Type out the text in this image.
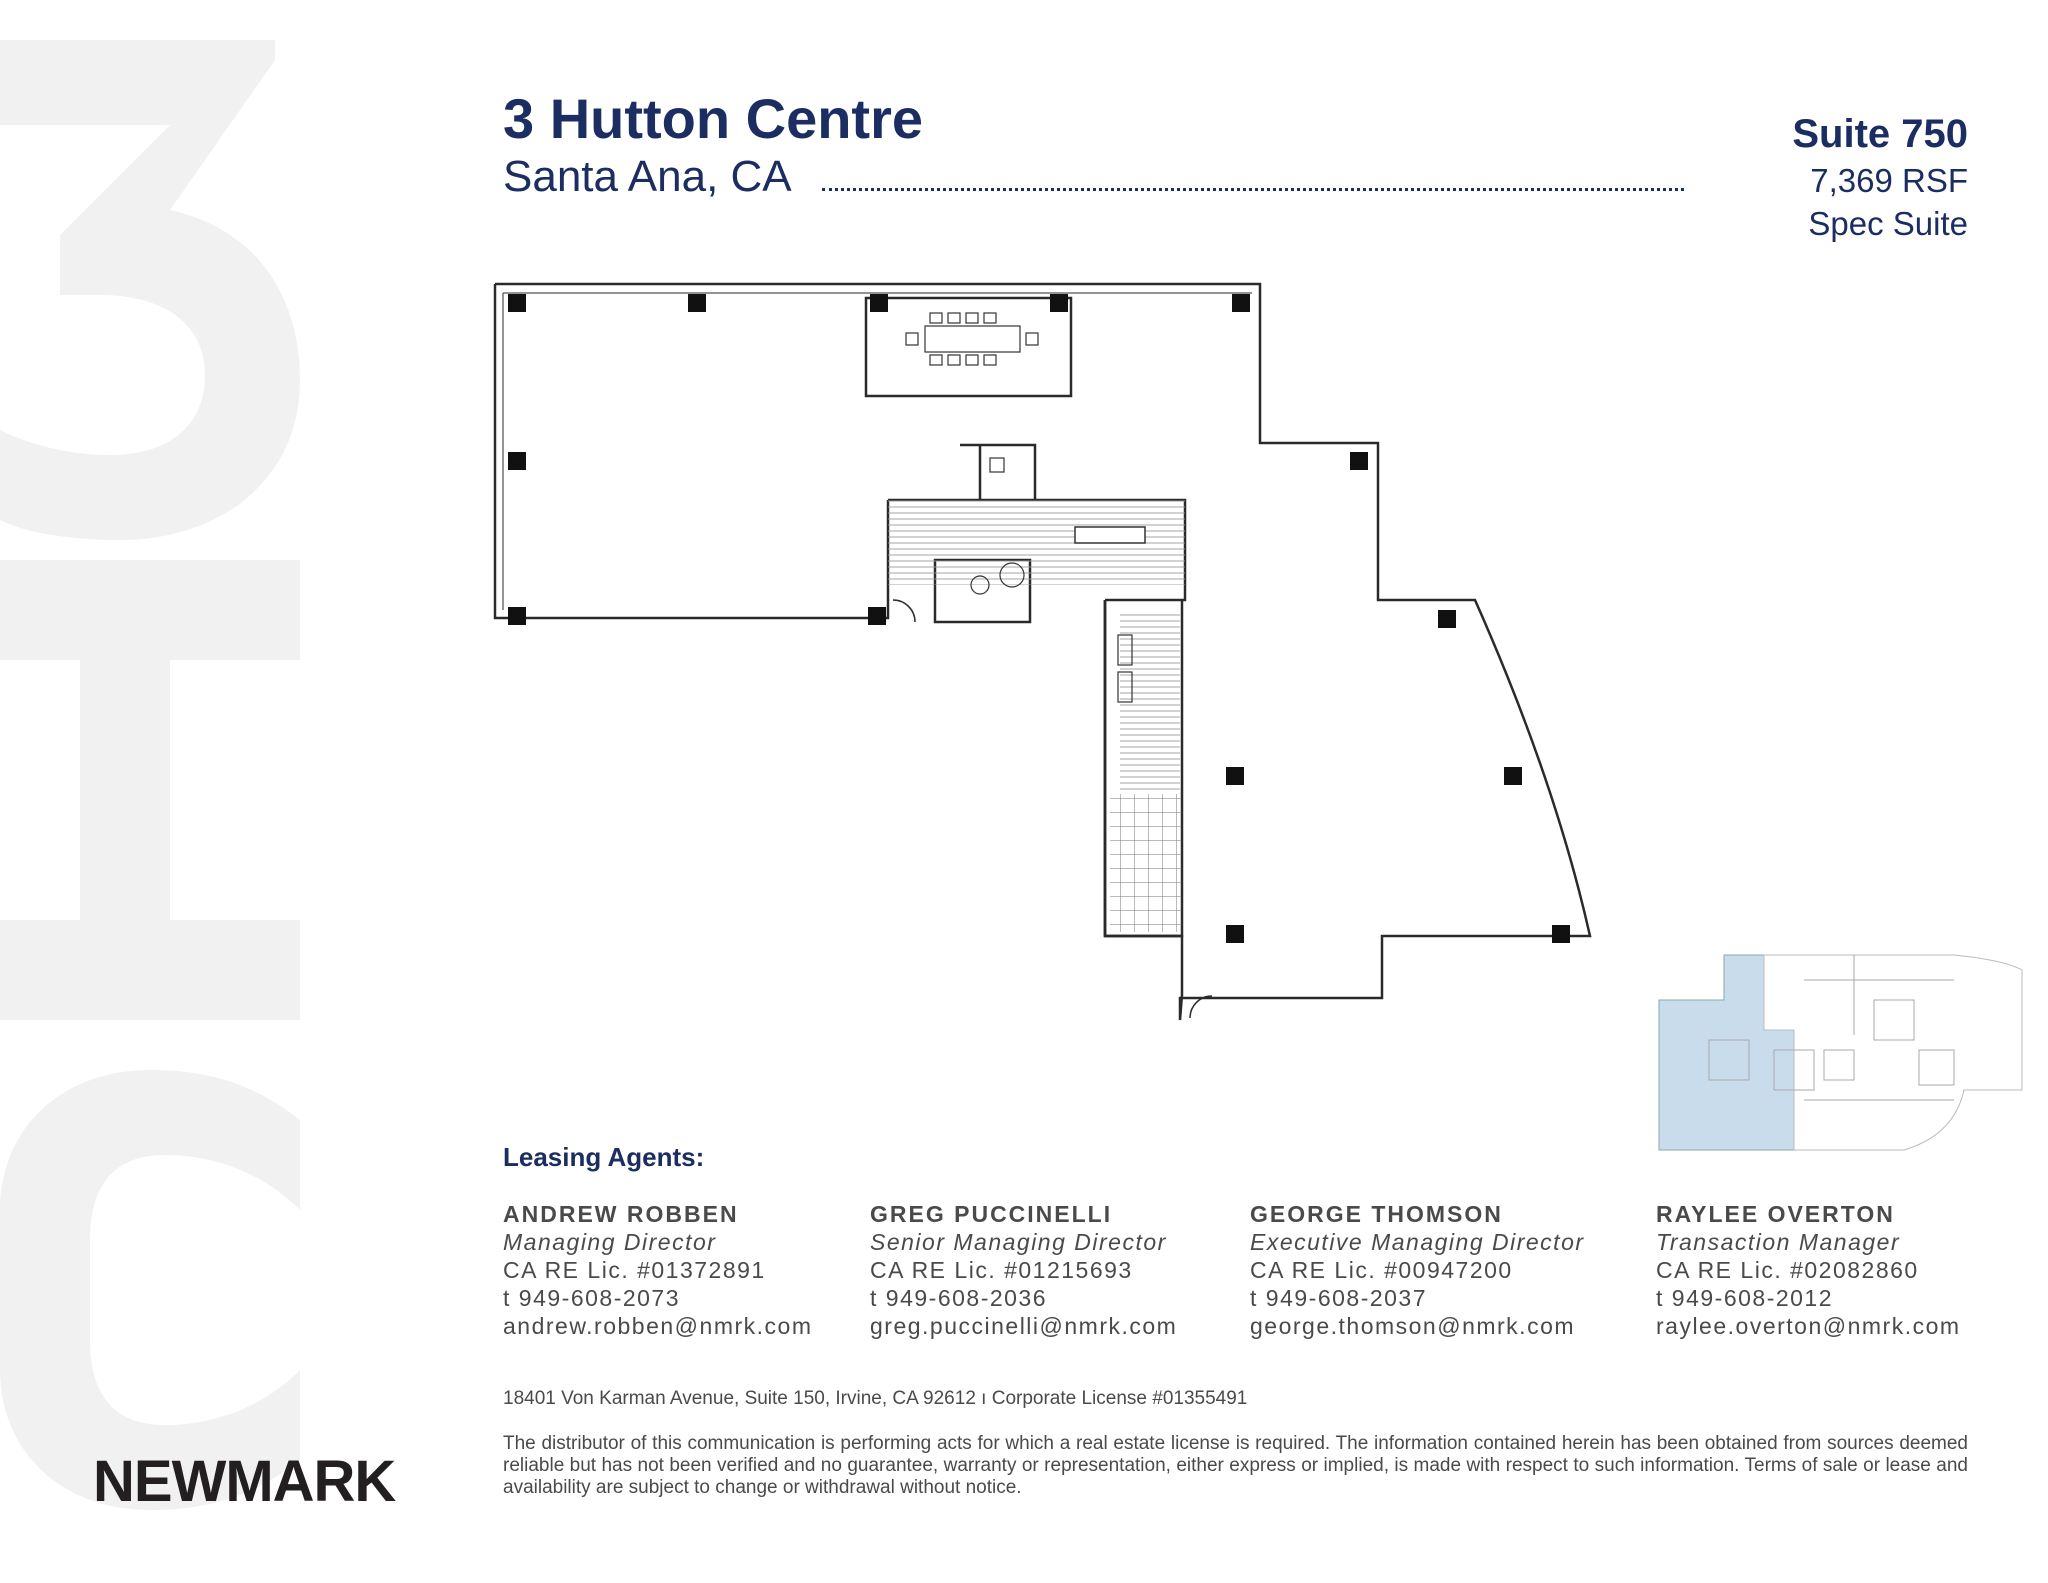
3 Hutton Centre
Santa Ana, CA
Suite 750
7,369 RSF
Spec Suite
Leasing Agents:
ANDREW ROBBEN
Managing Director
CA RE Lic. #01372891
t 949-608-2073
andrew.robben@nmrk.com
GREG PUCCINELLI
Senior Managing Director
CA RE Lic. #01215693
t 949-608-2036
greg.puccinelli@nmrk.com
GEORGE THOMSON
Executive Managing Director
CA RE Lic. #00947200
t 949-608-2037
george.thomson@nmrk.com
RAYLEE OVERTON
Transaction Manager
CA RE Lic. #02082860
t 949-608-2012
raylee.overton@nmrk.com
18401 Von Karman Avenue, Suite 150, Irvine, CA 92612 ı Corporate License #01355491
The distributor of this communication is performing acts for which a real estate license is required. The information contained herein has been obtained from sources deemed reliable but has not been verified and no guarantee, warranty or representation, either express or implied, is made with respect to such information. Terms of sale or lease and availability are subject to change or withdrawal without notice.
NEWMARK
